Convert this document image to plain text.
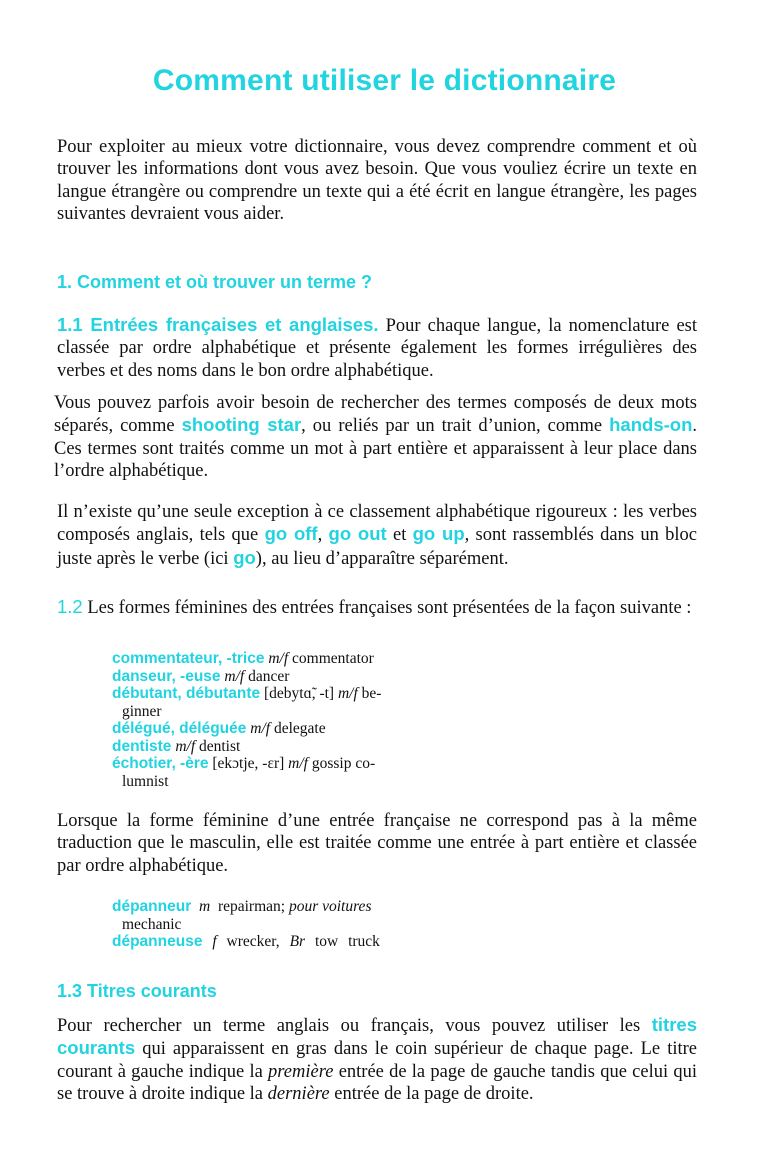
Comment utiliser le dictionnaire

Pour exploiter au mieux votre dictionnaire, vous devez comprendre comment et où trouver les informations dont vous avez besoin. Que vous vouliez écrire un texte en langue étrangère ou comprendre un texte qui a été écrit en langue étrangère, les pages suivantes devraient vous aider.

1. Comment et où trouver un terme ?

1.1 Entrées françaises et anglaises. Pour chaque langue, la nomenclature est classée par ordre alphabétique et présente également les formes irrégulières des verbes et des noms dans le bon ordre alphabétique.

Vous pouvez parfois avoir besoin de rechercher des termes composés de deux mots séparés, comme shooting star, ou reliés par un trait d’union, comme hands-on. Ces termes sont traités comme un mot à part entière et apparaissent à leur place dans l’ordre alphabétique.

Il n’existe qu’une seule exception à ce classement alphabétique rigoureux : les verbes composés anglais, tels que go off, go out et go up, sont rassemblés dans un bloc juste après le verbe (ici go), au lieu d’apparaître séparément.

1.2 Les formes féminines des entrées françaises sont présentées de la façon suivante :

commentateur, -trice m/f commentator
danseur, -euse m/f dancer
débutant, débutante [debytɑ̃, -t] m/f be-
ginner
délégué, déléguée m/f delegate
dentiste m/f dentist
échotier, -ère [ekɔtje, -ɛr] m/f gossip co-
lumnist

Lorsque la forme féminine d’une entrée française ne correspond pas à la même traduction que le masculin, elle est traitée comme une entrée à part entière et classée par ordre alphabétique.

dépanneur m repairman; pour voitures
mechanic
dépanneuse f wrecker, Br tow truck
1.3 Titres courants

Pour rechercher un terme anglais ou français, vous pouvez utiliser les titres courants qui apparaissent en gras dans le coin supérieur de chaque page. Le titre courant à gauche indique la première entrée de la page de gauche tandis que celui qui se trouve à droite indique la dernière entrée de la page de droite.
